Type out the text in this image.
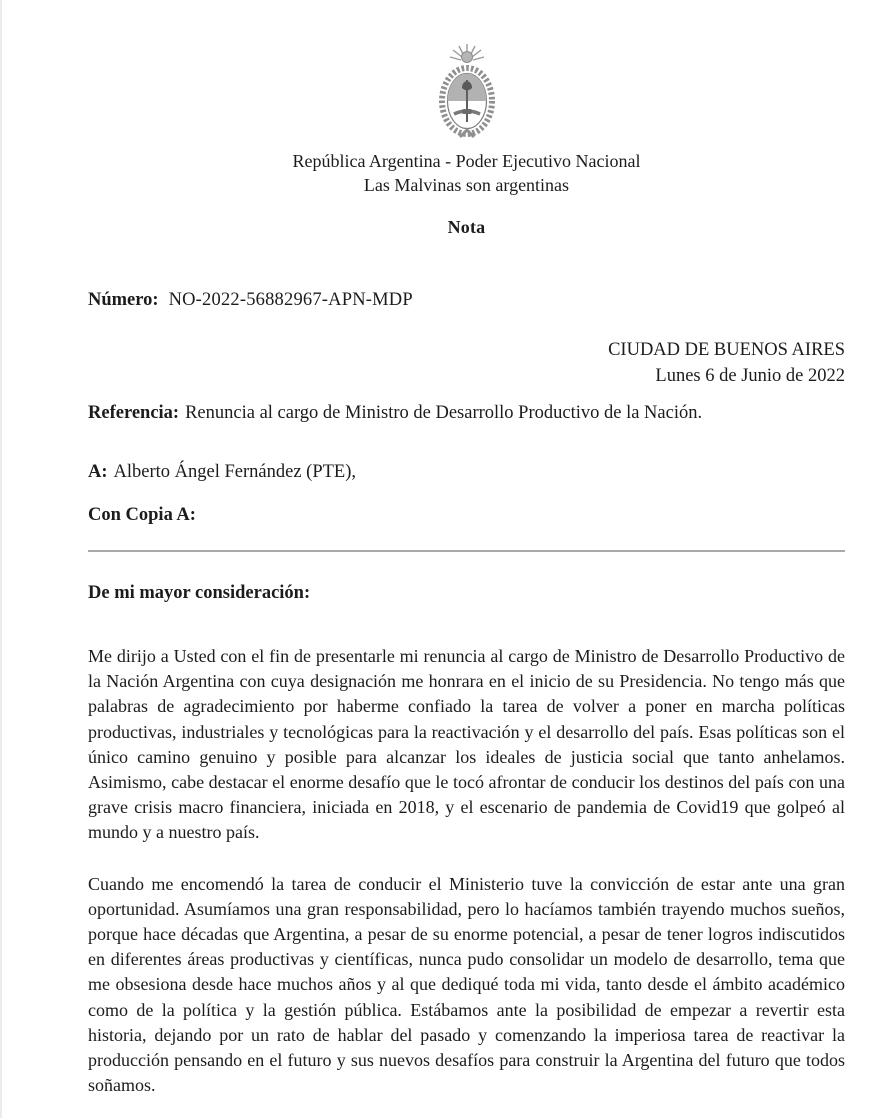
República Argentina - Poder Ejecutivo Nacional
Las Malvinas son argentinas
Nota
Número: NO-2022-56882967-APN-MDP
CIUDAD DE BUENOS AIRES
Lunes 6 de Junio de 2022
Referencia: Renuncia al cargo de Ministro de Desarrollo Productivo de la Nación.
A: Alberto Ángel Fernández (PTE),
Con Copia A:
De mi mayor consideración:

Me dirijo a Usted con el fin de presentarle mi renuncia al cargo de Ministro de Desarrollo Productivo de la Nación Argentina con cuya designación me honrara en el inicio de su Presidencia. No tengo más que palabras de agradecimiento por haberme confiado la tarea de volver a poner en marcha políticas productivas, industriales y tecnológicas para la reactivación y el desarrollo del país. Esas políticas son el único camino genuino y posible para alcanzar los ideales de justicia social que tanto anhelamos. Asimismo, cabe destacar el enorme desafío que le tocó afrontar de conducir los destinos del país con una grave crisis macro financiera, iniciada en 2018, y el escenario de pandemia de Covid19 que golpeó al mundo y a nuestro país.

Cuando me encomendó la tarea de conducir el Ministerio tuve la convicción de estar ante una gran oportunidad. Asumíamos una gran responsabilidad, pero lo hacíamos también trayendo muchos sueños, porque hace décadas que Argentina, a pesar de su enorme potencial, a pesar de tener logros indiscutidos en diferentes áreas productivas y científicas, nunca pudo consolidar un modelo de desarrollo, tema que me obsesiona desde hace muchos años y al que dediqué toda mi vida, tanto desde el ámbito académico como de la política y la gestión pública. Estábamos ante la posibilidad de empezar a revertir esta historia, dejando por un rato de hablar del pasado y comenzando la imperiosa tarea de reactivar la producción pensando en el futuro y sus nuevos desafíos para construir la Argentina del futuro que todos soñamos.
